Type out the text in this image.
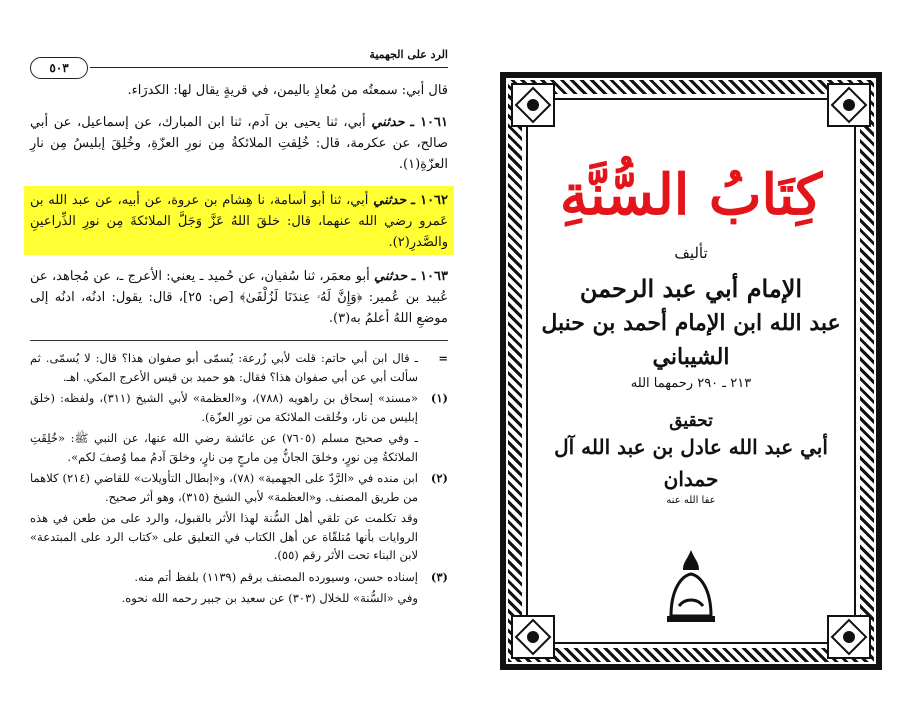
الرد على الجهمية
٥٠٣

قال أبي: سمعتُه من مُعاذٍ باليمن، في قريةٍ يقال لها: الكدرَاء.

١٠٦١ ـ حدثني أبي، ثنا يحيى بن آدم، ثنا ابن المبارك، عن إسماعيل، عن أبي صالح، عن عكرمة، قال: خُلِقتِ الملائكةُ مِن نورِ العزّةِ، وخُلِقَ إبليسُ مِن نارِ العزّةِ(١).

١٠٦٢ ـ حدثني أبي، ثنا أبو أسامة، نا هِشام بن عروة، عن أبيه، عن عبد الله بن عَمرو رضي الله عنهما، قال: خلقَ اللهُ عَزَّ وَجَلَّ الملائكةَ مِن نورِ الذِّراعينِ والصَّدرِ(٢).

١٠٦٣ ـ حدثني أبو معمَر، ثنا سُفيان، عن حُميد ـ يعني: الأعرج ـ، عن مُجاهد، عن عُبيد بن عُمير: ﴿وَإِنَّ لَهُۥ عِندَنَا لَزُلْفَىٰ﴾ [ص: ٢٥]، قال: يقول: ادنُه، ادنُه إلى موضعِ اللهُ أعلمُ به(٣).

=
ـ قال ابن أبي حاتم: قلت لأبي زُرعة: يُسمّى أبو صفوان هذا؟ قال: لا يُسمّى. ثم سألت أبي عن أبي صفوان هذا؟ فقال: هو حميد بن قيس الأعرج المكي. اهـ.
(١)
«مسند» إسحاق بن راهويه (٧٨٨)، و«العظمة» لأبي الشيخ (٣١١)، ولفظه: (خلق إبليس من نار، وخُلقت الملائكة من نورِ العزّة).
ـ وفي صحيح مسلم (٧٦٠٥) عن عائشة رضي الله عنها، عن النبي ﷺ: «خُلِقَتِ الملائكةُ مِن نورٍ، وخلقَ الجانُّ مِن مارجٍ مِن نارٍ، وخلقَ آدمُ مما وُصفَ لكم».
(٢)
ابن منده في «الرَّدّ على الجهمية» (٧٨)، و«إبطال التأويلات» للقاضي (٢١٤) كلاهما من طريق المصنف. و«العظمة» لأبي الشيخ (٣١٥)، وهو أثر صحيح.
وقد تكلمت عن تلقي أهل السُّنة لهذا الأثر بالقبول، والرد على من طعن في هذه الروايات بأنها مُتلقّاة عن أهل الكتاب في التعليق على «كتاب الرد على المبتدعة» لابن البناء تحت الأثر رقم (٥٥).
(٣)
إسناده حسن، وسيورده المصنف برقم (١١٣٩) بلفظ أتم منه.
وفي «السُّنة» للخلال (٣٠٣) عن سعيد بن جبير رحمه الله نحوه.
كِتَابُ السُّنَّةِ
تأليف
الإمام أبي عبد الرحمن
عبد الله ابن الإمام أحمد بن حنبل الشيباني
٢١٣ ـ ٢٩٠ رحمهما الله
تحقيق
أبي عبد الله عادل بن عبد الله آل حمدان
عفا الله عنه
